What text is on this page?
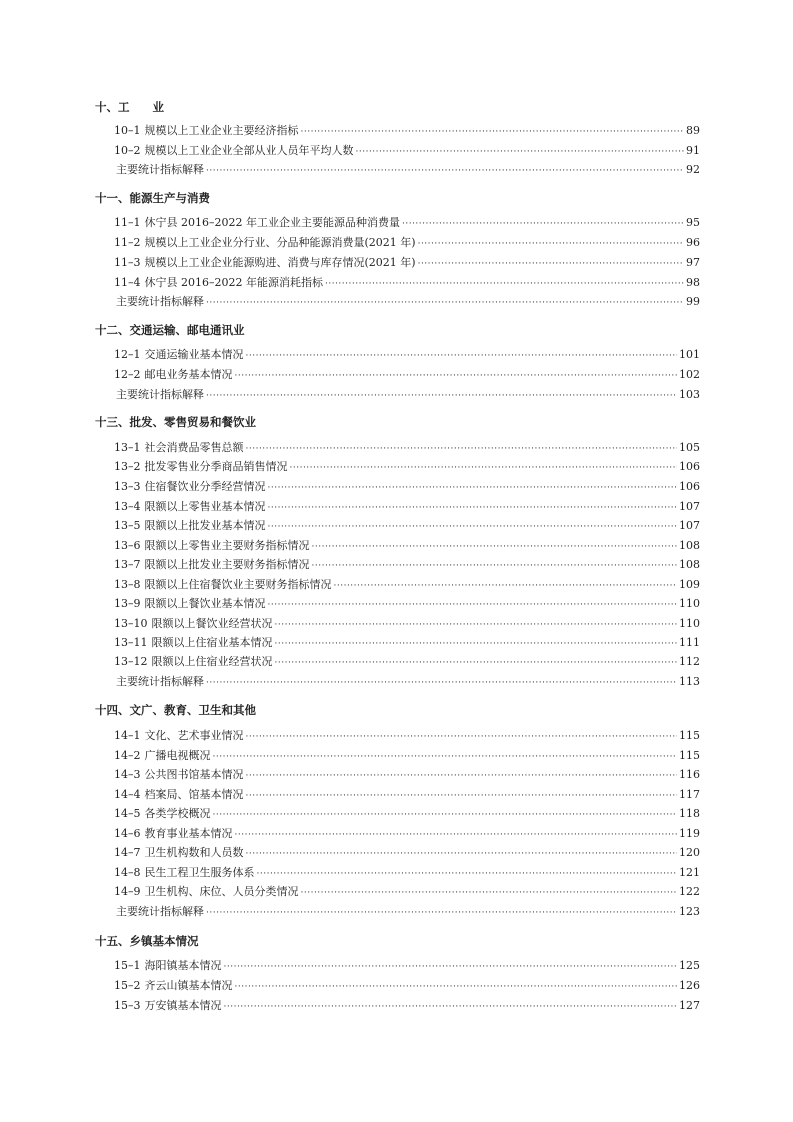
十、工　　业
10–1 规模以上工业企业主要经济指标 ·····	89
10–2 规模以上工业企业全部从业人员年平均人数 ·····	91
主要统计指标解释 ·····	92
十一、能源生产与消费
11–1 休宁县 2016–2022 年工业企业主要能源品种消费量 ·····	95
11–2 规模以上工业企业分行业、分品种能源消费量(2021 年) ·····	96
11–3 规模以上工业企业能源购进、消费与库存情况(2021 年) ·····	97
11–4 休宁县 2016–2022 年能源消耗指标 ·····	98
主要统计指标解释 ·····	99
十二、交通运输、邮电通讯业
12–1 交通运输业基本情况 ·····	101
12–2 邮电业务基本情况 ·····	102
主要统计指标解释 ·····	103
十三、批发、零售贸易和餐饮业
13–1 社会消费品零售总额 ·····	105
13–2 批发零售业分季商品销售情况 ·····	106
13–3 住宿餐饮业分季经营情况 ·····	106
13–4 限额以上零售业基本情况 ·····	107
13–5 限额以上批发业基本情况 ·····	107
13–6 限额以上零售业主要财务指标情况 ·····	108
13–7 限额以上批发业主要财务指标情况 ·····	108
13–8 限额以上住宿餐饮业主要财务指标情况 ·····	109
13–9 限额以上餐饮业基本情况 ·····	110
13–10 限额以上餐饮业经营状况 ·····	110
13–11 限额以上住宿业基本情况 ·····	111
13–12 限额以上住宿业经营状况 ·····	112
主要统计指标解释 ·····	113
十四、文广、教育、卫生和其他
14–1 文化、艺术事业情况 ·····	115
14–2 广播电视概况 ·····	115
14–3 公共图书馆基本情况 ·····	116
14–4 档案局、馆基本情况 ·····	117
14–5 各类学校概况 ·····	118
14–6 教育事业基本情况 ·····	119
14–7 卫生机构数和人员数 ·····	120
14–8 民生工程卫生服务体系 ·····	121
14–9 卫生机构、床位、人员分类情况 ·····	122
主要统计指标解释 ·····	123
十五、乡镇基本情况
15–1 海阳镇基本情况 ·····	125
15–2 齐云山镇基本情况 ·····	126
15–3 万安镇基本情况 ·····	127
